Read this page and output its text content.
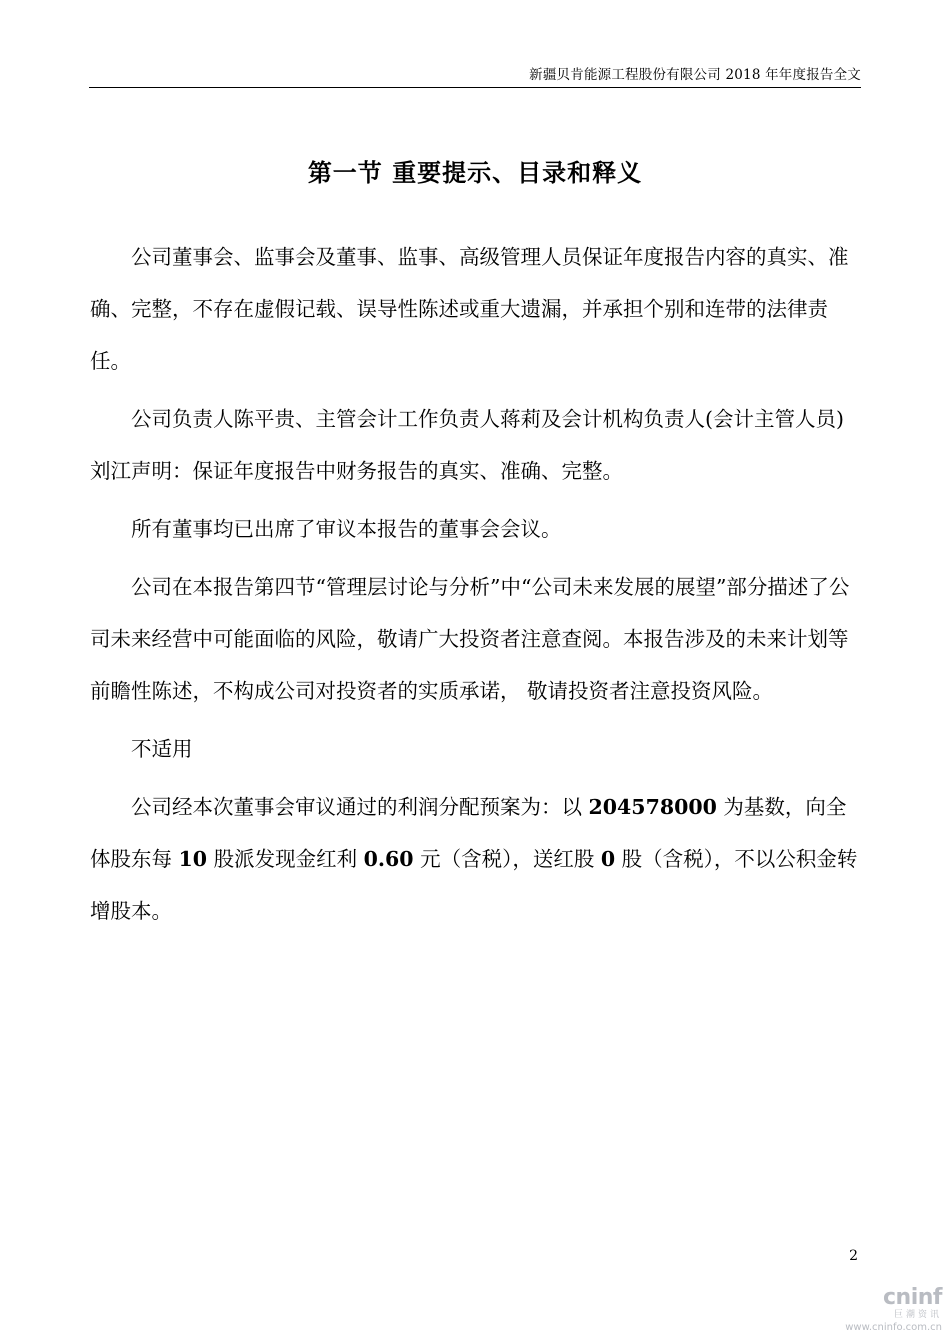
新疆贝肯能源工程股份有限公司 2018 年年度报告全文
第一节 重要提示、目录和释义

公司董事会、监事会及董事、监事、高级管理人员保证年度报告内容的真实、准确、完整，不存在虚假记载、误导性陈述或重大遗漏，并承担个别和连带的法律责任。

公司负责人陈平贵、主管会计工作负责人蒋莉及会计机构负责人(会计主管人员)刘江声明：保证年度报告中财务报告的真实、准确、完整。

所有董事均已出席了审议本报告的董事会会议。

公司在本报告第四节“管理层讨论与分析”中“公司未来发展的展望”部分描述了公司未来经营中可能面临的风险，敬请广大投资者注意查阅。本报告涉及的未来计划等前瞻性陈述，不构成公司对投资者的实质承诺， 敬请投资者注意投资风险。

不适用

公司经本次董事会审议通过的利润分配预案为：以 204578000 为基数，向全体股东每 10 股派发现金红利 0.60 元（含税），送红股 0 股（含税），不以公积金转增股本。

2
cninf
巨潮资讯
www.cninfo.com.cn
